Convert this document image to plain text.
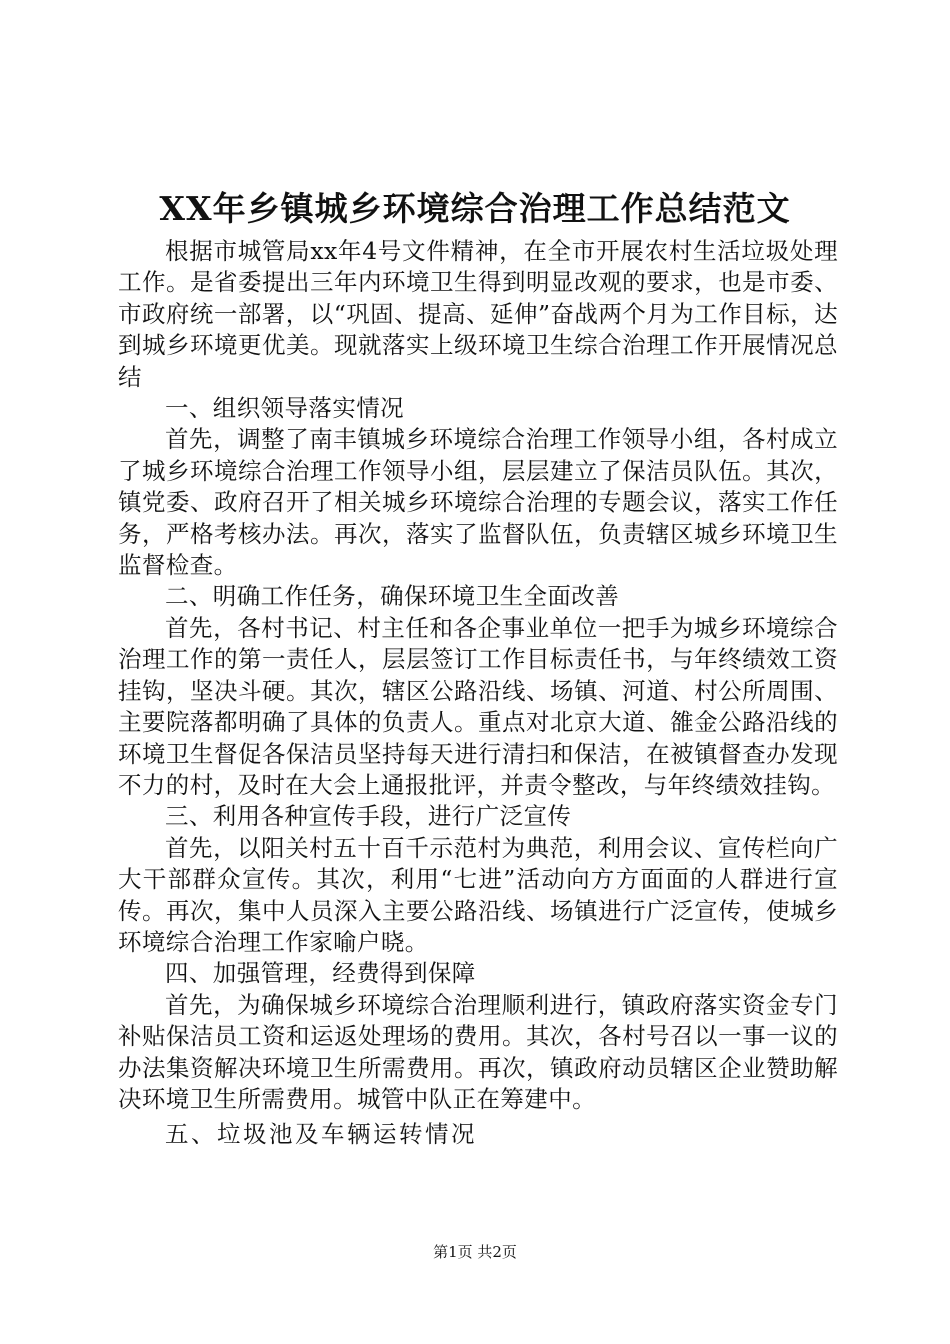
XX年乡镇城乡环境综合治理工作总结范文

根据市城管局xx年4号文件精神，在全市开展农村生活垃圾处理工作。是省委提出三年内环境卫生得到明显改观的要求，也是市委、市政府统一部署，以“巩固、提高、延伸”奋战两个月为工作目标，达到城乡环境更优美。现就落实上级环境卫生综合治理工作开展情况总结

一、组织领导落实情况

首先，调整了南丰镇城乡环境综合治理工作领导小组，各村成立了城乡环境综合治理工作领导小组，层层建立了保洁员队伍。其次，镇党委、政府召开了相关城乡环境综合治理的专题会议，落实工作任务，严格考核办法。再次，落实了监督队伍，负责辖区城乡环境卫生监督检查。

二、明确工作任务，确保环境卫生全面改善

首先，各村书记、村主任和各企事业单位一把手为城乡环境综合治理工作的第一责任人，层层签订工作目标责任书，与年终绩效工资挂钩，坚决斗硬。其次，辖区公路沿线、场镇、河道、村公所周围、主要院落都明确了具体的负责人。重点对北京大道、雒金公路沿线的环境卫生督促各保洁员坚持每天进行清扫和保洁，在被镇督查办发现不力的村，及时在大会上通报批评，并责令整改，与年终绩效挂钩。

三、利用各种宣传手段，进行广泛宣传

首先，以阳关村五十百千示范村为典范，利用会议、宣传栏向广大干部群众宣传。其次，利用“七进”活动向方方面面的人群进行宣传。再次，集中人员深入主要公路沿线、场镇进行广泛宣传，使城乡环境综合治理工作家喻户晓。

四、加强管理，经费得到保障

首先，为确保城乡环境综合治理顺利进行，镇政府落实资金专门补贴保洁员工资和运返处理场的费用。其次，各村号召以一事一议的办法集资解决环境卫生所需费用。再次，镇政府动员辖区企业赞助解决环境卫生所需费用。城管中队正在筹建中。

五、垃圾池及车辆运转情况

第1页 共2页
